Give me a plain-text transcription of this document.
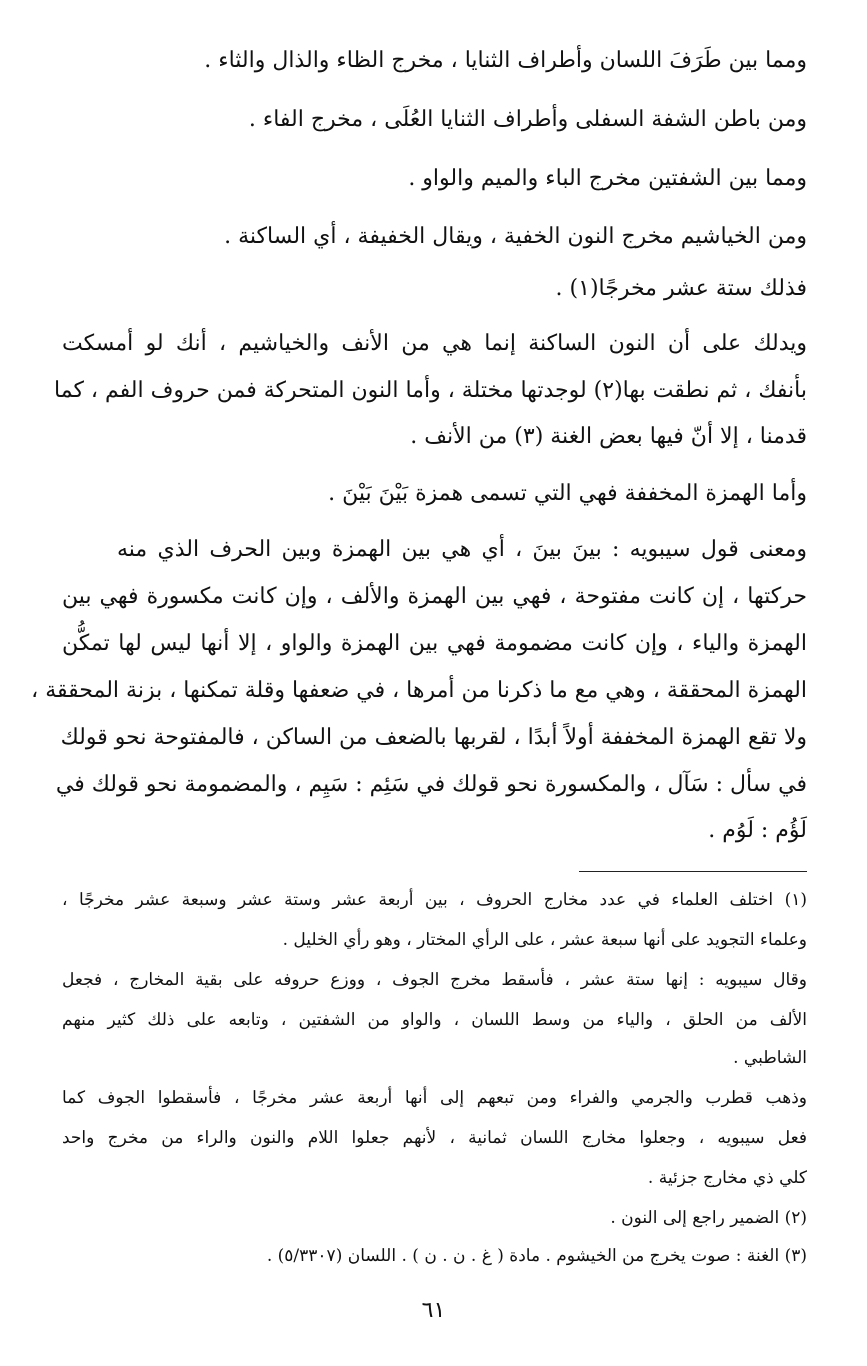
ومما بين طَرَفَ اللسان وأطراف الثنايا ، مخرج الظاء والذال والثاء .
ومن باطن الشفة السفلى وأطراف الثنايا العُلَى ، مخرج الفاء .
ومما بين الشفتين مخرج الباء والميم والواو .
ومن الخياشيم مخرج النون الخفية ، ويقال الخفيفة ، أي الساكنة .
فذلك ستة عشر مخرجًا(١) .
ويدلك على أن النون الساكنة إنما هي من الأنف والخياشيم ، أنك لو أمسكت
بأنفك ، ثم نطقت بها(٢) لوجدتها مختلة ، وأما النون المتحركة فمن حروف الفم ، كما
قدمنا ، إلا أنّ فيها بعض الغنة (٣) من الأنف .
وأما الهمزة المخففة فهي التي تسمى همزة بَيْنَ بَيْنَ .
ومعنى قول سيبويه : بينَ بينَ ، أي هي بين الهمزة وبين الحرف الذي منه
حركتها ، إن كانت مفتوحة ، فهي بين الهمزة والألف ، وإن كانت مكسورة فهي بين
الهمزة والياء ، وإن كانت مضمومة فهي بين الهمزة والواو ، إلا أنها ليس لها تمكُّن
الهمزة المحققة ، وهي مع ما ذكرنا من أمرها ، في ضعفها وقلة تمكنها ، بزنة المحققة ،
ولا تقع الهمزة المخففة أولاً أبدًا ، لقربها بالضعف من الساكن ، فالمفتوحة نحو قولك
في سأل : سَآل ، والمكسورة نحو قولك في سَئِم : سَيِم ، والمضمومة نحو قولك في
لَؤُم : لَوُم .
(١) اختلف العلماء في عدد مخارج الحروف ، بين أربعة عشر وستة عشر وسبعة عشر مخرجًا ،
وعلماء التجويد على أنها سبعة عشر ، على الرأي المختار ، وهو رأي الخليل .
وقال سيبويه : إنها ستة عشر ، فأسقط مخرج الجوف ، ووزع حروفه على بقية المخارج ، فجعل
الألف من الحلق ، والياء من وسط اللسان ، والواو من الشفتين ، وتابعه على ذلك كثير منهم
الشاطبي .
وذهب قطرب والجرمي والفراء ومن تبعهم إلى أنها أربعة عشر مخرجًا ، فأسقطوا الجوف كما
فعل سيبويه ، وجعلوا مخارج اللسان ثمانية ، لأنهم جعلوا اللام والنون والراء من مخرج واحد
كلي ذي مخارج جزئية .
(٢) الضمير راجع إلى النون .
(٣) الغنة : صوت يخرج من الخيشوم . مادة ( غ . ن . ن ) . اللسان (٥/٣٣٠٧) .
٦١
